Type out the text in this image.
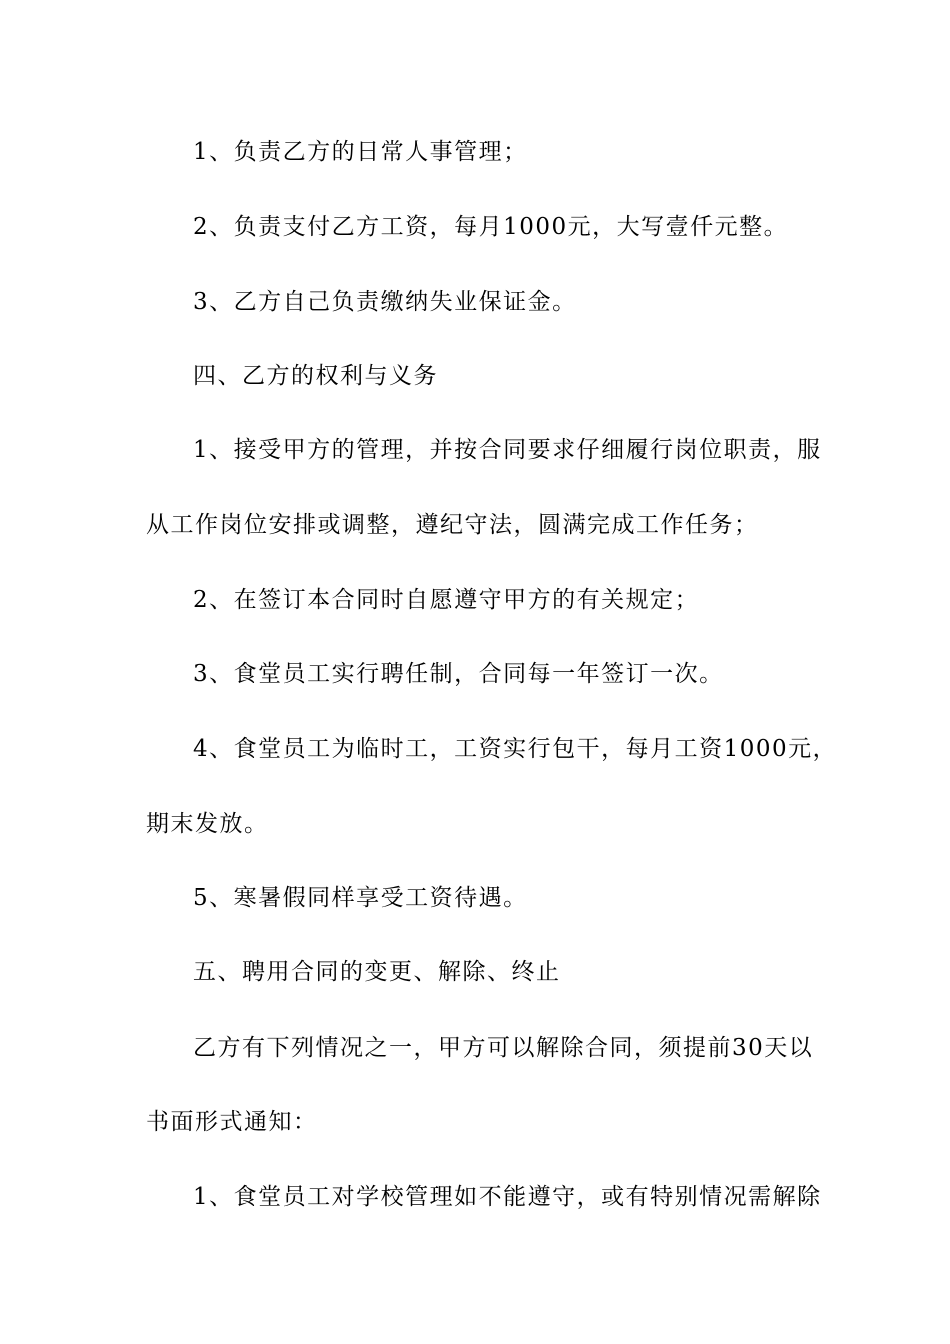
1、负责乙方的日常人事管理；
2、负责支付乙方工资，每月1000元，大写壹仟元整。
3、乙方自己负责缴纳失业保证金。
四、乙方的权利与义务
1、接受甲方的管理，并按合同要求仔细履行岗位职责，服
从工作岗位安排或调整，遵纪守法，圆满完成工作任务；
2、在签订本合同时自愿遵守甲方的有关规定；
3、食堂员工实行聘任制，合同每一年签订一次。
4、食堂员工为临时工，工资实行包干，每月工资1000元，
期末发放。
5、寒暑假同样享受工资待遇。
五、聘用合同的变更、解除、终止
乙方有下列情况之一，甲方可以解除合同，须提前30天以
书面形式通知：
1、食堂员工对学校管理如不能遵守，或有特别情况需解除
